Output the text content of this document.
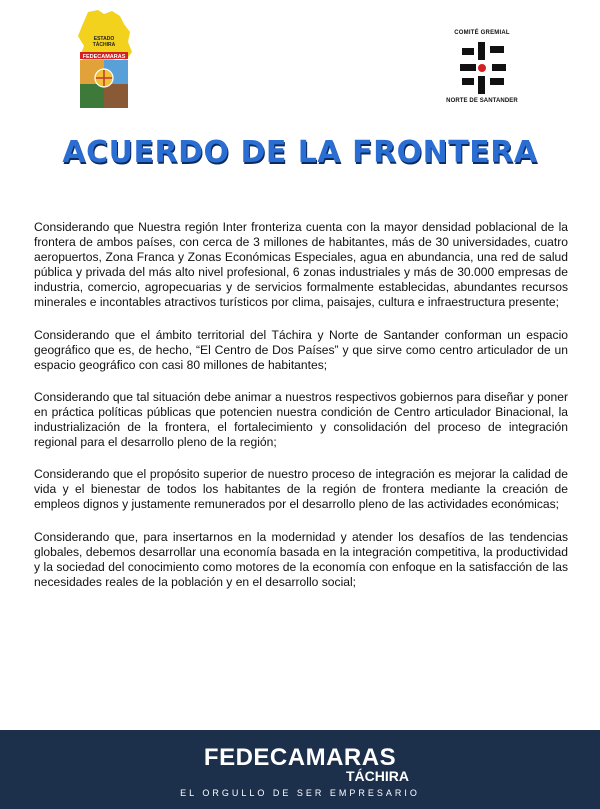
FEDECAMARAS
ESTADO
TÁCHIRA
COMITÉ GREMIAL
NORTE DE SANTANDER
ACUERDO DE LA FRONTERA

Considerando que Nuestra región Inter fronteriza cuenta con la mayor densidad poblacional de la frontera de ambos países, con cerca de 3 millones de habitantes, más de 30 universidades, cuatro aeropuertos, Zona Franca y Zonas Económicas Especiales, agua en abundancia, una red de salud pública y privada del más alto nivel profesional, 6 zonas industriales y más de 30.000 empresas de industria, comercio, agropecuarias y de servicios formalmente establecidas, abundantes recursos minerales e incontables atractivos turísticos por clima, paisajes, cultura e infraestructura presente;

Considerando que el ámbito territorial del Táchira y Norte de Santander conforman un espacio geográfico que es, de hecho, “El Centro de Dos Países” y que sirve como centro articulador de un espacio geográfico con casi 80 millones de habitantes;

Considerando que tal situación debe animar a nuestros respectivos gobiernos para diseñar y poner en práctica políticas públicas que potencien nuestra condición de Centro articulador Binacional, la industrialización de la frontera, el fortalecimiento y consolidación del proceso de integración regional para el desarrollo pleno de la región;

Considerando que el propósito superior de nuestro proceso de integración es mejorar la calidad de vida y el bienestar de todos los habitantes de la región de frontera mediante la creación de empleos dignos y justamente remunerados por el desarrollo pleno de las actividades económicas;

Considerando que, para insertarnos en la modernidad y atender los desafíos de las tendencias globales, debemos desarrollar una economía basada en la integración competitiva, la productividad y la sociedad del conocimiento como motores de la economía con enfoque en la satisfacción de las necesidades reales de la población y en el desarrollo social;

FEDECAMARAS
TÁCHIRA
EL ORGULLO DE SER EMPRESARIO
